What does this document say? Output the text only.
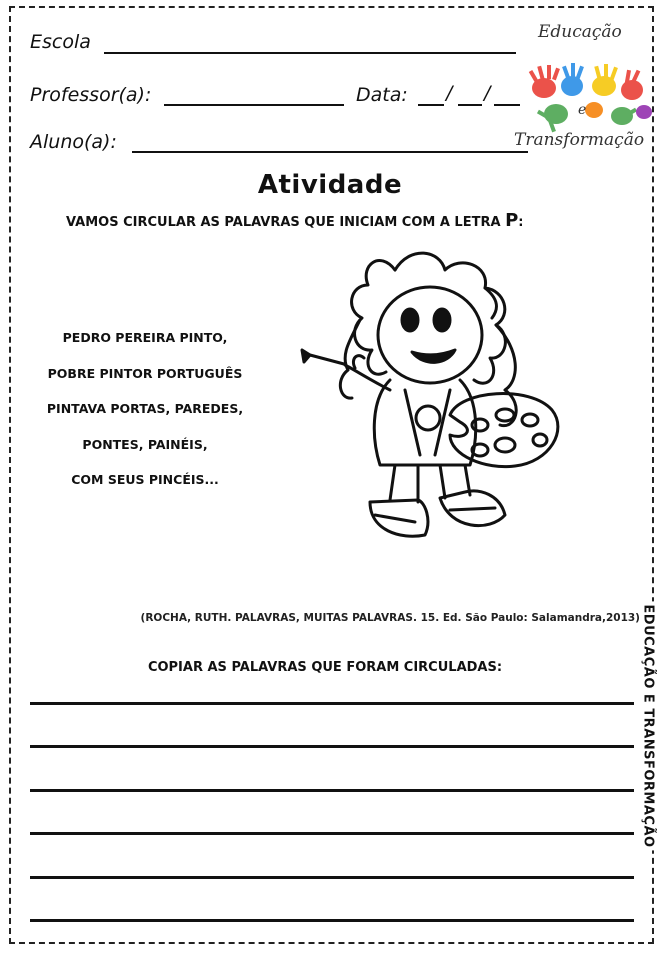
Escola
Professor(a):	Data: / /
Aluno(a):
Educação
e
Transformação
Atividade
VAMOS CIRCULAR AS PALAVRAS QUE INICIAM COM A LETRA P:
PEDRO PEREIRA PINTO,
POBRE PINTOR PORTUGUÊS
PINTAVA PORTAS, PAREDES,
PONTES, PAINÉIS,
COM SEUS PINCÉIS...
(ROCHA, RUTH. PALAVRAS, MUITAS PALAVRAS. 15. Ed. São Paulo: Salamandra,2013)
COPIAR AS PALAVRAS QUE FORAM CIRCULADAS:	EDUCAÇÃO E TRANSFORMAÇÃO
